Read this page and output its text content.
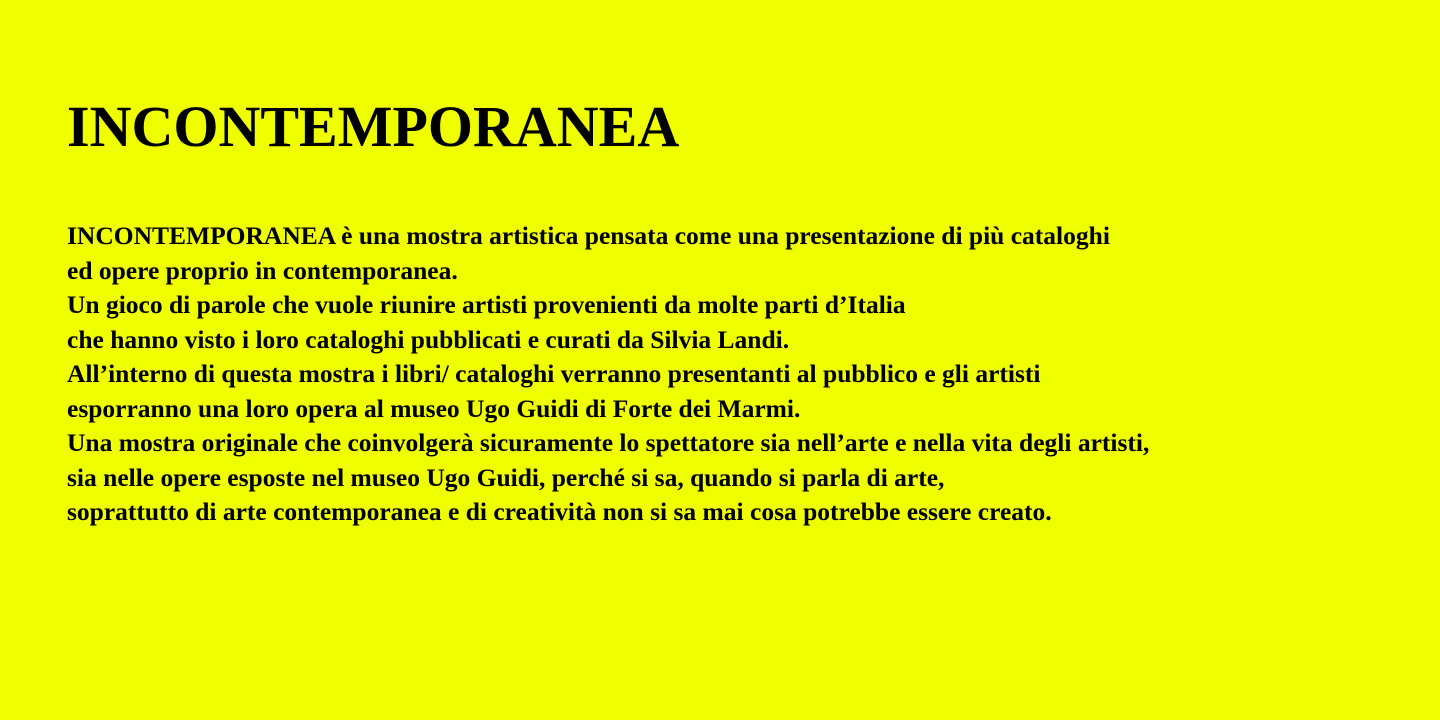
INCONTEMPORANEA
INCONTEMPORANEA è una mostra artistica pensata come una presentazione di più cataloghi
ed opere proprio in contemporanea.
Un gioco di parole che vuole riunire artisti provenienti da molte parti d’Italia
che hanno visto i loro cataloghi pubblicati e curati da Silvia Landi.
All’interno di questa mostra i libri/ cataloghi verranno presentanti al pubblico e gli artisti
esporranno una loro opera al museo Ugo Guidi di Forte dei Marmi.
Una mostra originale che coinvolgerà sicuramente lo spettatore sia nell’arte e nella vita degli artisti,
sia nelle opere esposte nel museo Ugo Guidi, perché si sa, quando si parla di arte,
soprattutto di arte contemporanea e di creatività non si sa mai cosa potrebbe essere creato.
